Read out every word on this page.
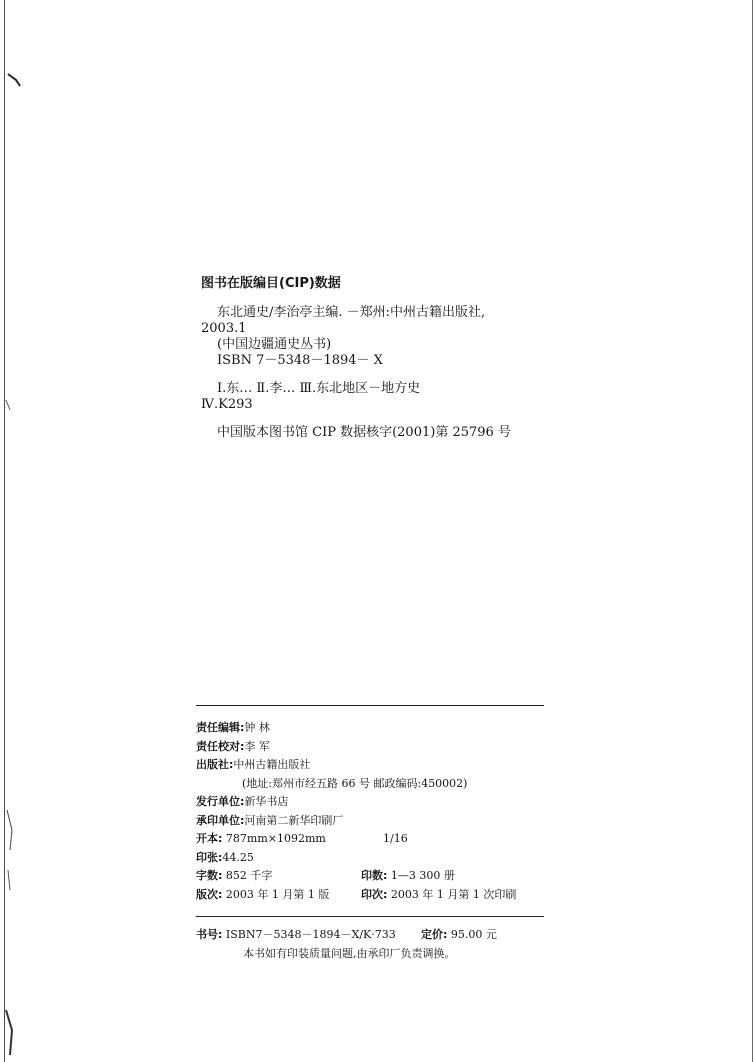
图书在版编目(CIP)数据
东北通史/李治亭主编. －郑州:中州古籍出版社,
2003.1
(中国边疆通史丛书)
ISBN 7－5348－1894－ X
Ⅰ.东… Ⅱ.李… Ⅲ.东北地区－地方史
Ⅳ.K293
中国版本图书馆 CIP 数据核字(2001)第 25796 号
责任编辑: 钟 林
责任校对: 李 军
出版社: 中州古籍出版社
(地址:郑州市经五路 66 号 邮政编码:450002)
发行单位: 新华书店
承印单位: 河南第二新华印刷厂
开本: 787mm×1092mm	1/16
印张: 44.25
字数: 852 千字	印数: 1—3 300 册
版次: 2003 年 1 月第 1 版	印次: 2003 年 1 月第 1 次印刷
书号: ISBN7－5348－1894－X/K·733	定价: 95.00 元
本书如有印装质量问题,由承印厂负责调换。
